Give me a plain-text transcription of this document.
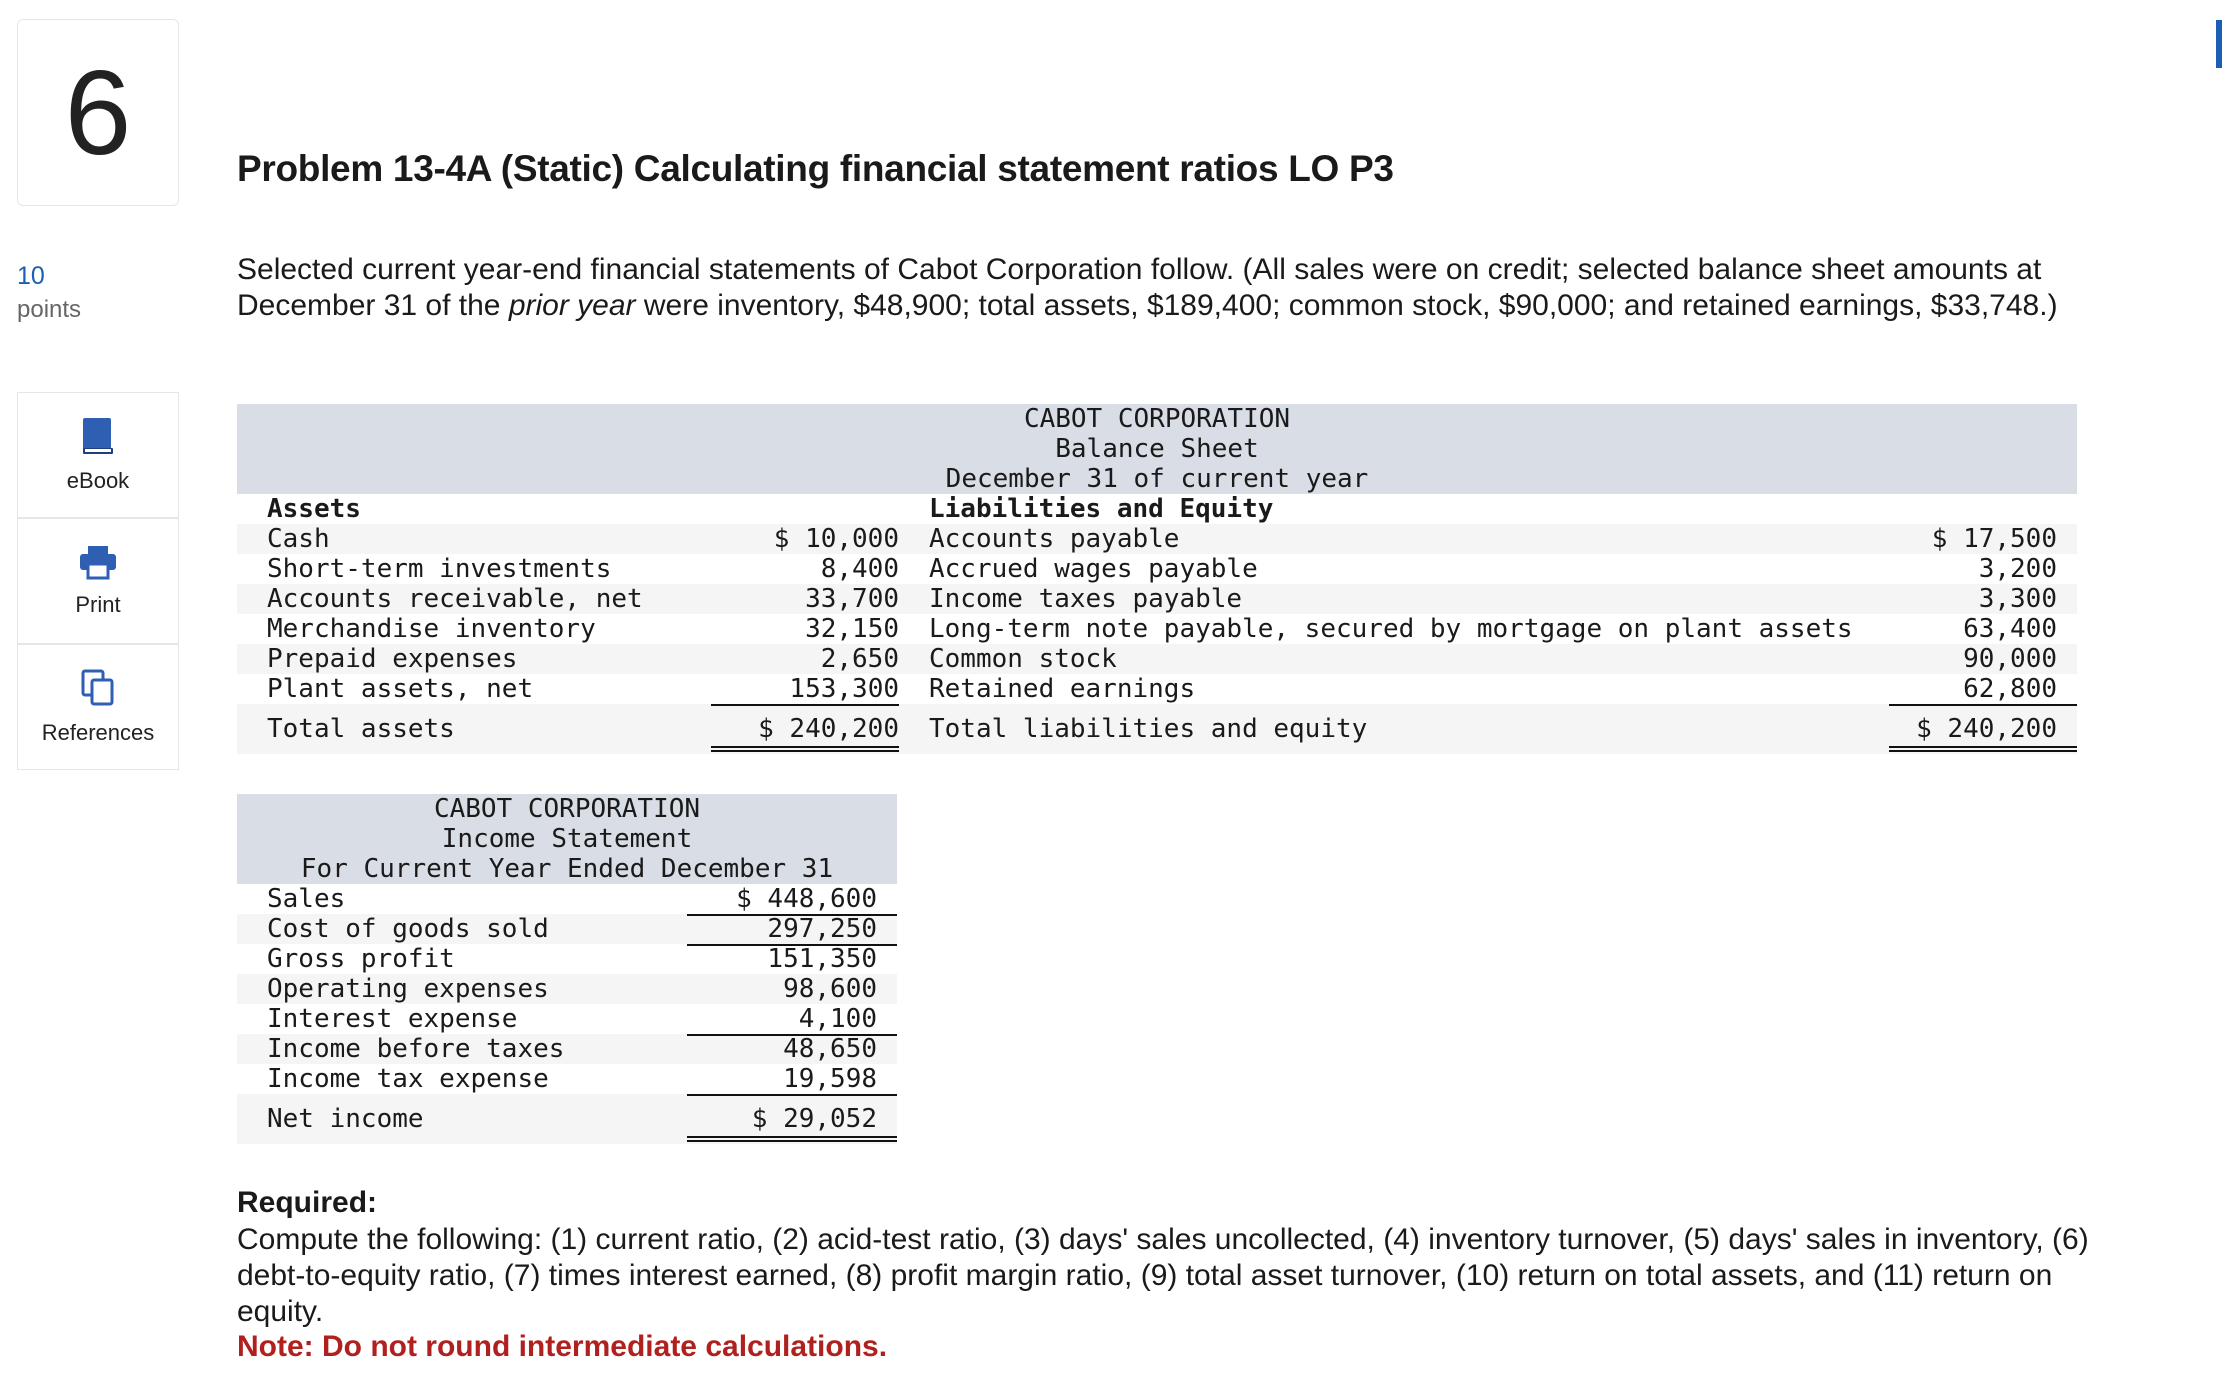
6
10
points
eBook
Print
References
Problem 13-4A (Static) Calculating financial statement ratios LO P3
Selected current year-end financial statements of Cabot Corporation follow. (All sales were on credit; selected balance sheet amounts at December 31 of the prior year were inventory, $48,900; total assets, $189,400; common stock, $90,000; and retained earnings, $33,748.)
CABOT CORPORATION
Balance Sheet
December 31 of current year
Assets	Liabilities and Equity
Cash	$ 10,000
Short-term investments	8,400
Accounts receivable, net	33,700
Merchandise inventory	32,150
Prepaid expenses	2,650
Plant assets, net	153,300
Total assets	$ 240,200
Accounts payable	$ 17,500
Accrued wages payable	3,200
Income taxes payable	3,300
Long-term note payable, secured by mortgage on plant assets	63,400
Common stock	90,000
Retained earnings	62,800
Total liabilities and equity	$ 240,200
CABOT CORPORATION
Income Statement
For Current Year Ended December 31
Sales	$ 448,600
Cost of goods sold	297,250
Gross profit	151,350
Operating expenses	98,600
Interest expense	4,100
Income before taxes	48,650
Income tax expense	19,598
Net income	$ 29,052
Required:
Compute the following: (1) current ratio, (2) acid-test ratio, (3) days' sales uncollected, (4) inventory turnover, (5) days' sales in inventory, (6) debt-to-equity ratio, (7) times interest earned, (8) profit margin ratio, (9) total asset turnover, (10) return on total assets, and (11) return on equity.
Note: Do not round intermediate calculations.
